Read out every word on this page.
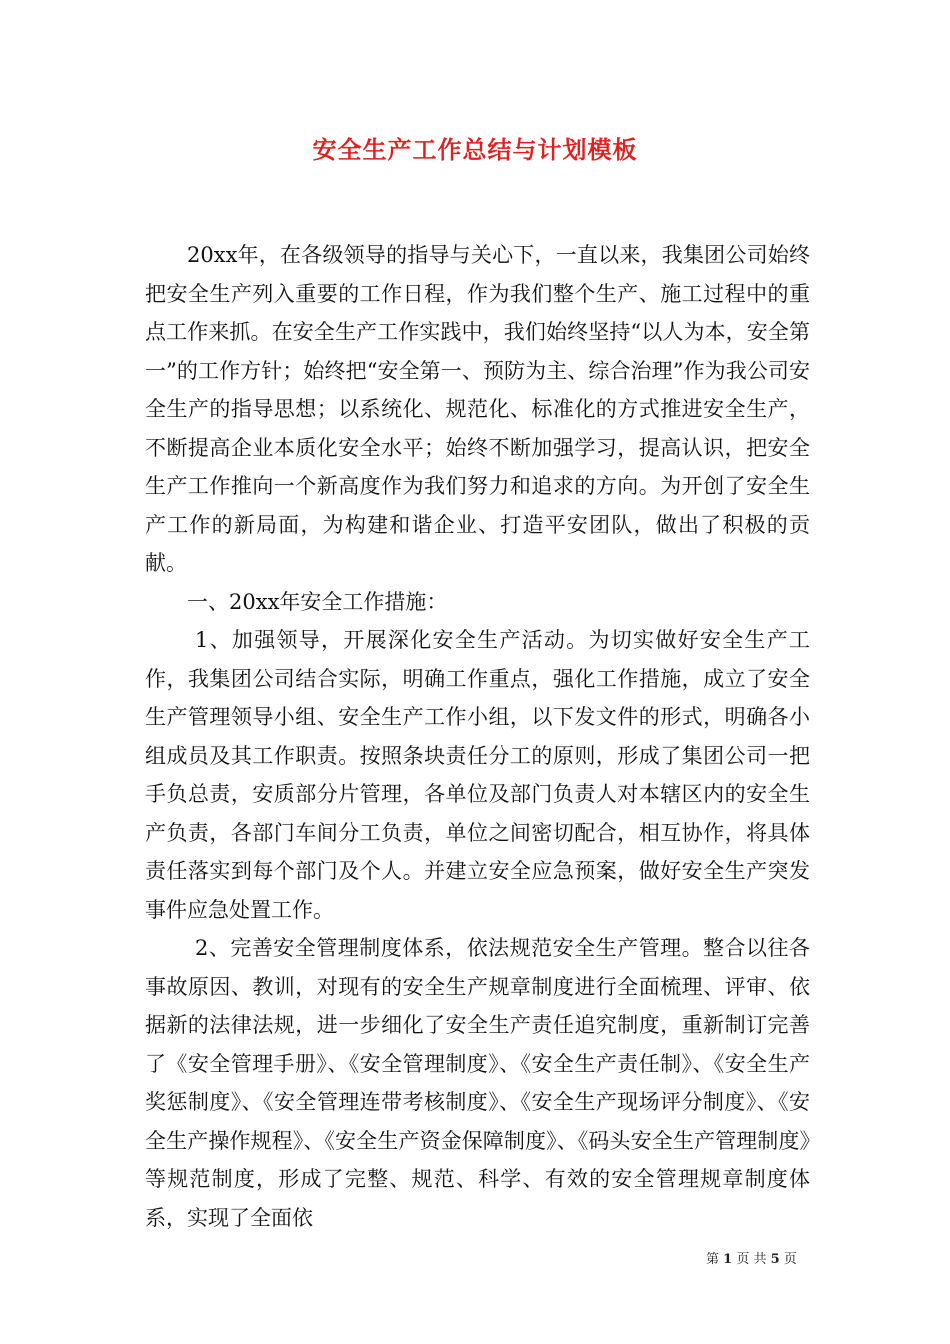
安全生产工作总结与计划模板

20xx年，在各级领导的指导与关心下，一直以来，我集团公司始终把安全生产列入重要的工作日程，作为我们整个生产、施工过程中的重点工作来抓。在安全生产工作实践中，我们始终坚持“以人为本，安全第一”的工作方针；始终把“安全第一、预防为主、综合治理”作为我公司安全生产的指导思想；以系统化、规范化、标准化的方式推进安全生产，不断提高企业本质化安全水平；始终不断加强学习，提高认识，把安全生产工作推向一个新高度作为我们努力和追求的方向。为开创了安全生产工作的新局面，为构建和谐企业、打造平安团队，做出了积极的贡献。

一、20xx年安全工作措施：

1、加强领导，开展深化安全生产活动。为切实做好安全生产工作，我集团公司结合实际，明确工作重点，强化工作措施，成立了安全生产管理领导小组、安全生产工作小组，以下发文件的形式，明确各小组成员及其工作职责。按照条块责任分工的原则，形成了集团公司一把手负总责，安质部分片管理，各单位及部门负责人对本辖区内的安全生产负责，各部门车间分工负责，单位之间密切配合，相互协作，将具体责任落实到每个部门及个人。并建立安全应急预案，做好安全生产突发事件应急处置工作。

2、完善安全管理制度体系，依法规范安全生产管理。整合以往各事故原因、教训，对现有的安全生产规章制度进行全面梳理、评审、依据新的法律法规，进一步细化了安全生产责任追究制度，重新制订完善了《安全管理手册》、《安全管理制度》、《安全生产责任制》、《安全生产奖惩制度》、《安全管理连带考核制度》、《安全生产现场评分制度》、《安全生产操作规程》、《安全生产资金保障制度》、《码头安全生产管理制度》等规范制度，形成了完整、规范、科学、有效的安全管理规章制度体系，实现了全面依

第 1 页 共 5 页
